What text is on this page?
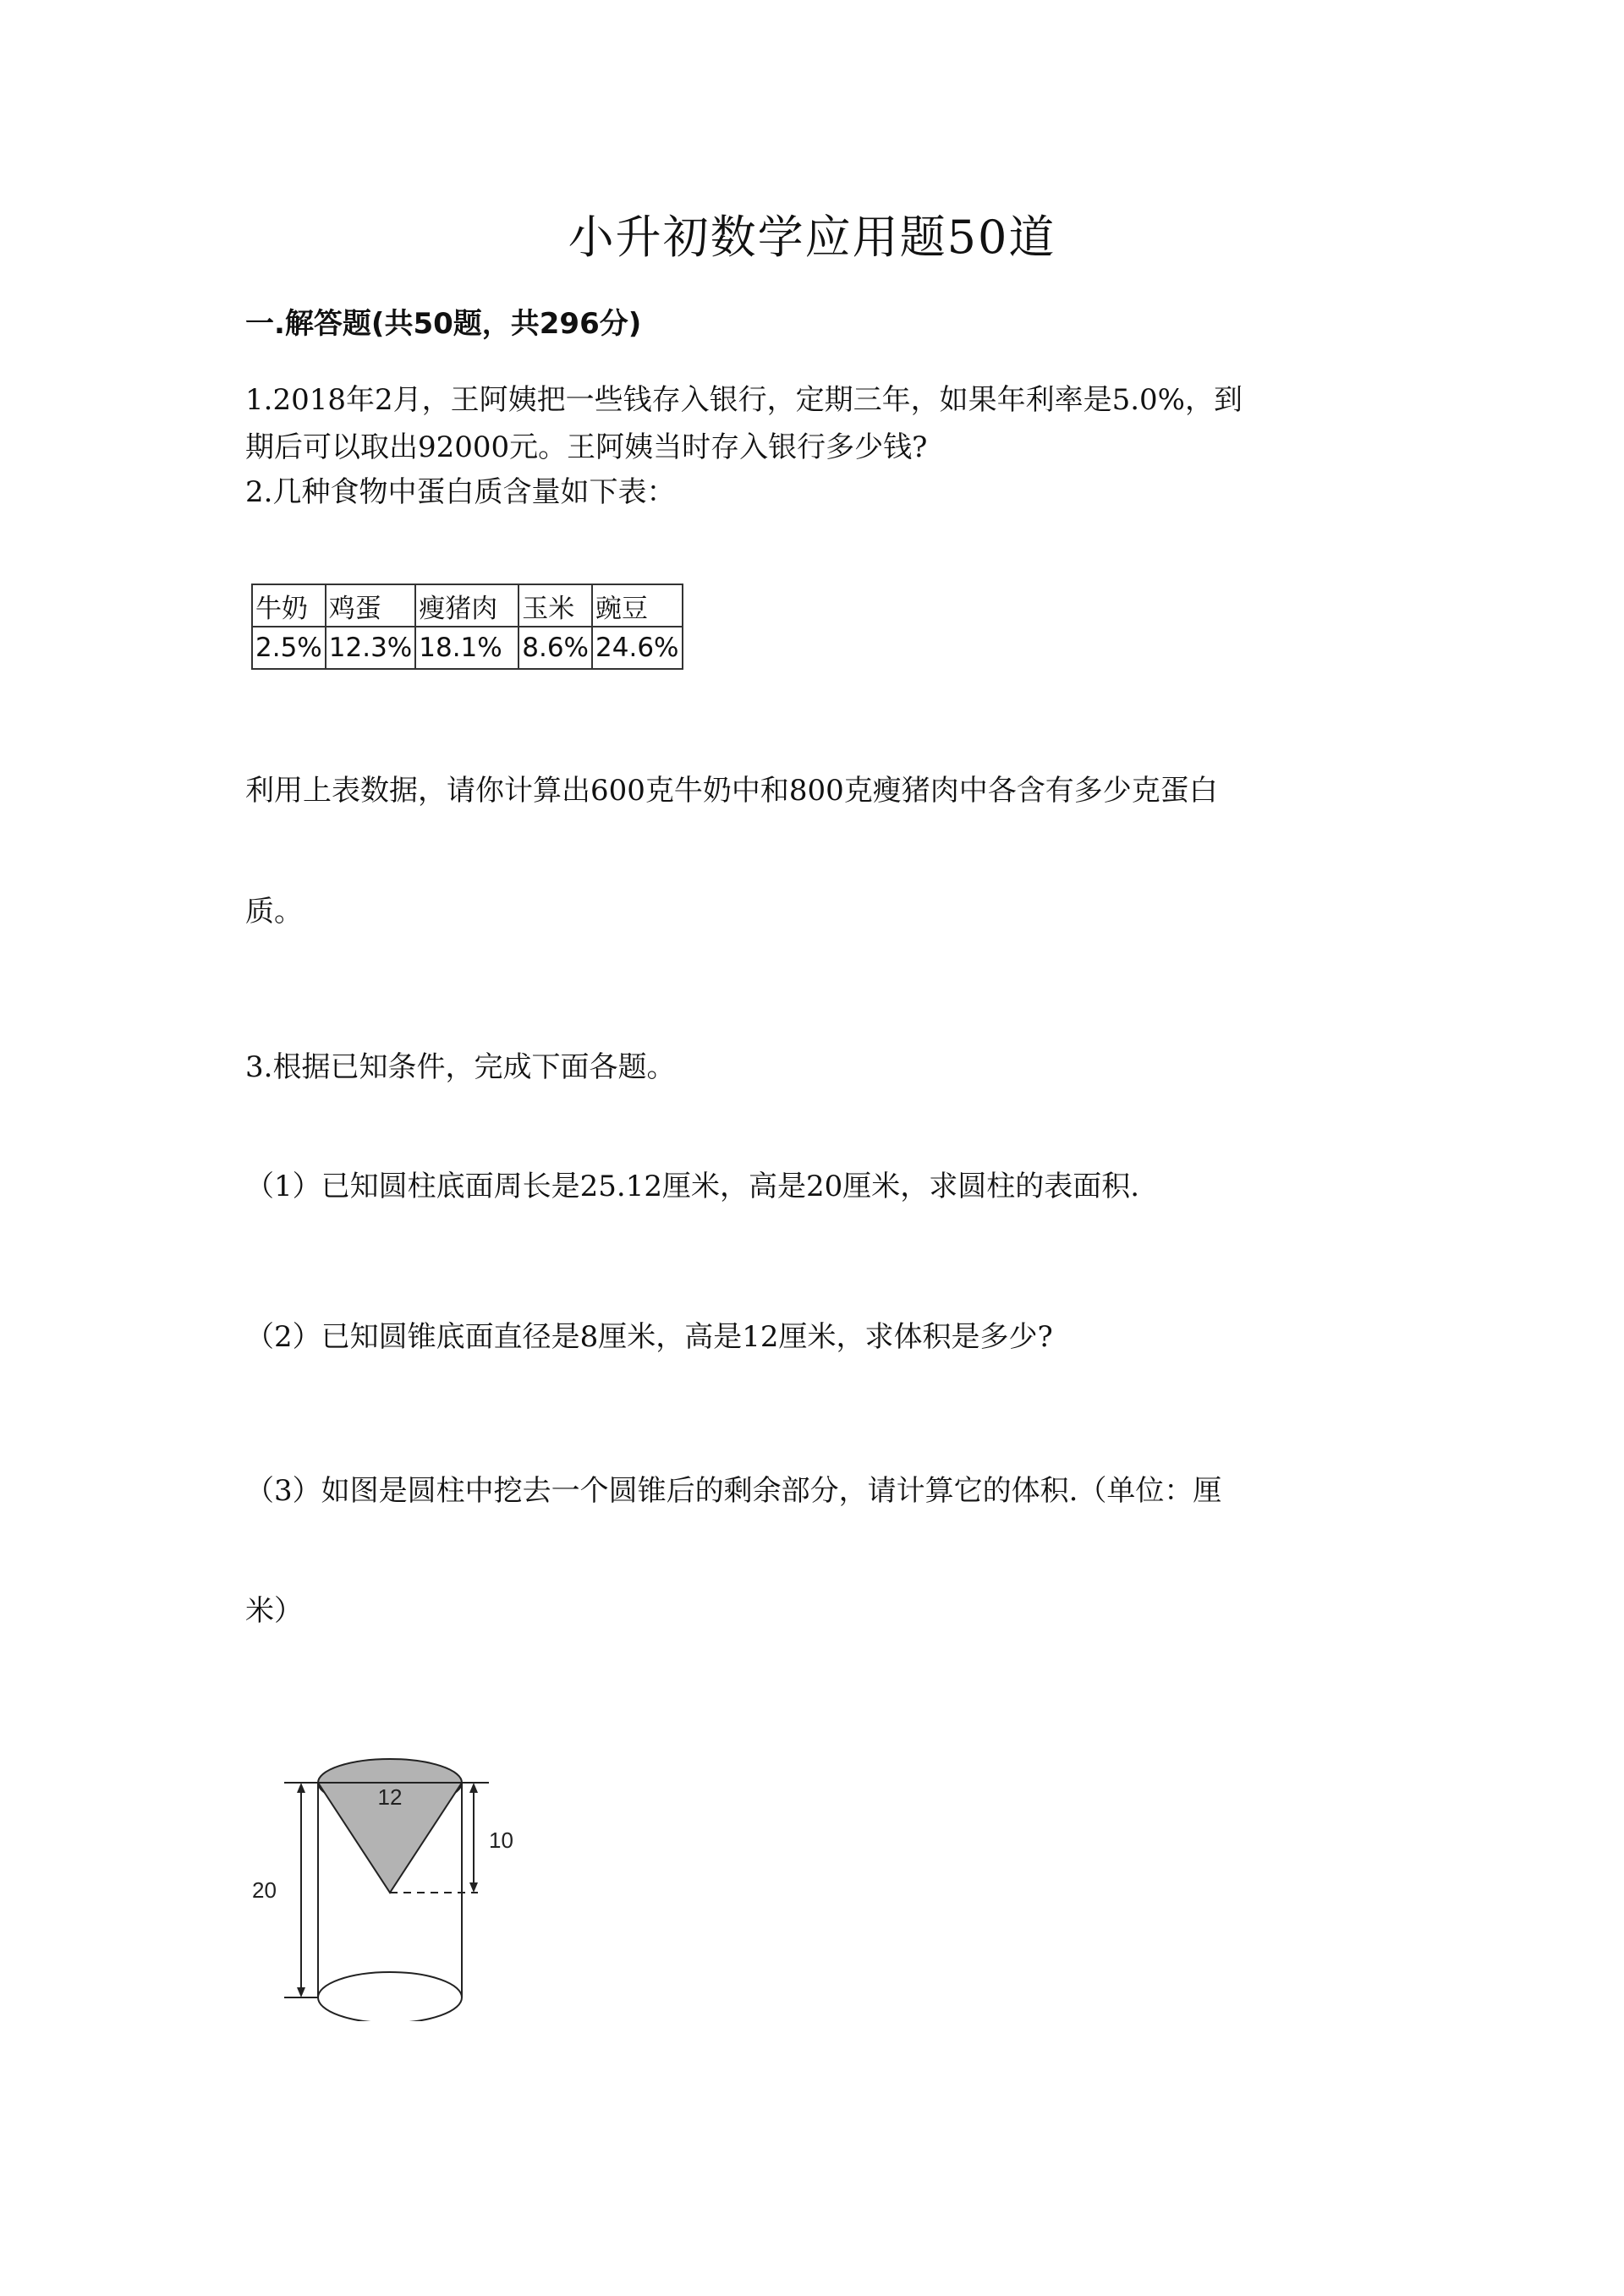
小升初数学应用题50道
一.解答题(共50题，共296分)
1.2018年2月，王阿姨把一些钱存入银行，定期三年，如果年利率是5.0%，到
期后可以取出92000元。王阿姨当时存入银行多少钱?
2.几种食物中蛋白质含量如下表：
牛奶	鸡蛋	瘦猪肉	玉米	豌豆
2.5%	12.3%	18.1%	8.6%	24.6%
利用上表数据，请你计算出600克牛奶中和800克瘦猪肉中各含有多少克蛋白
质。
3.根据已知条件，完成下面各题。
（1）已知圆柱底面周长是25.12厘米，高是20厘米，求圆柱的表面积.
（2）已知圆锥底面直径是8厘米，高是12厘米，求体积是多少?
（3）如图是圆柱中挖去一个圆锥后的剩余部分，请计算它的体积.（单位：厘
米）
12
10
20
